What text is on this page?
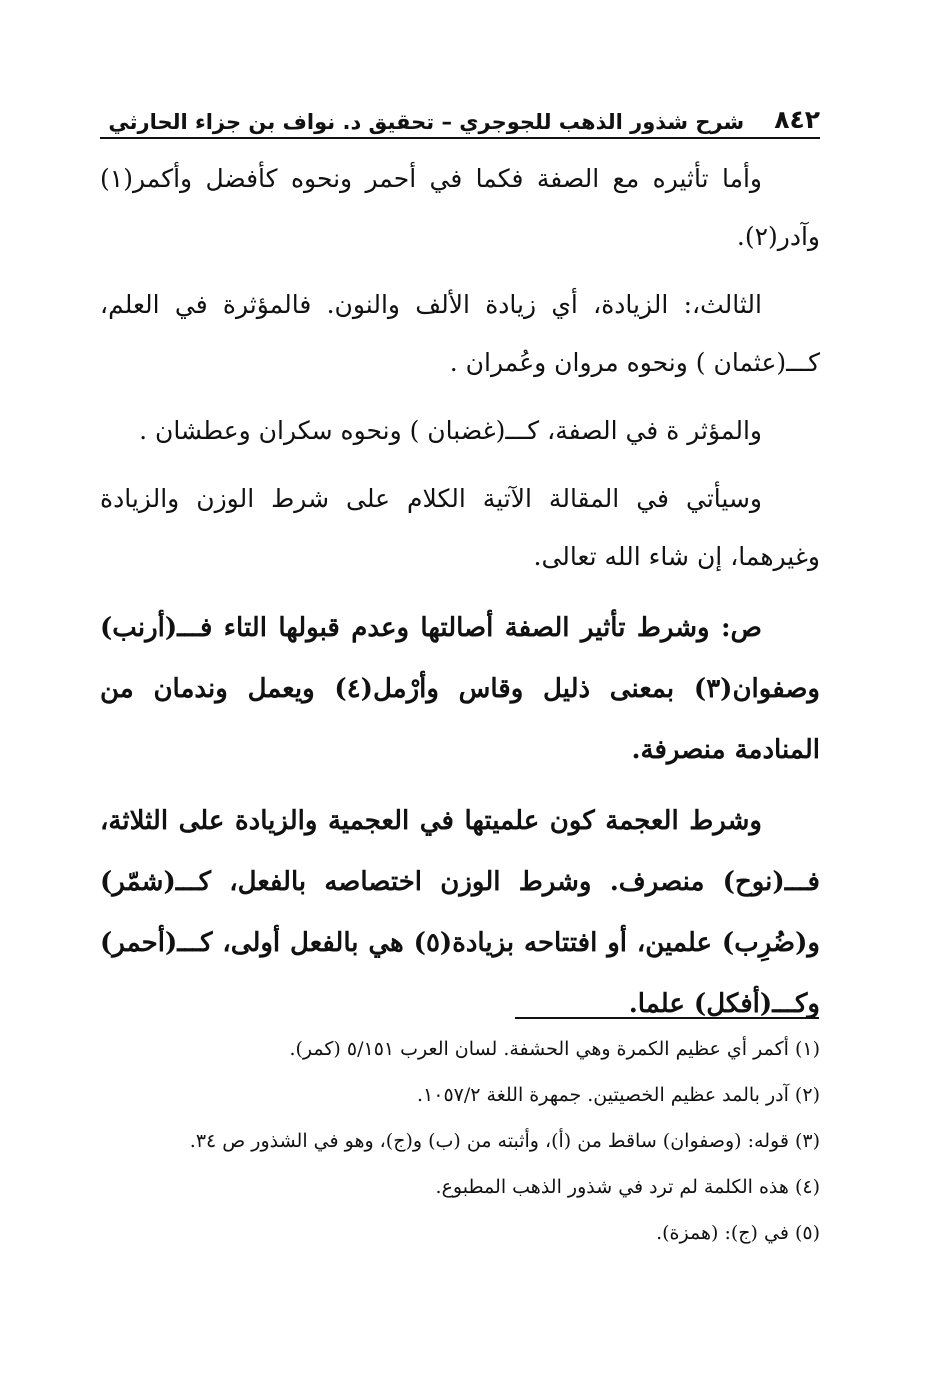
٨٤٢
شرح شذور الذهب للجوجري – تحقيق د. نواف بن جزاء الحارثي

وأما تأثيره مع الصفة فكما في أحمر ونحوه كأفضل وأكمر(١) وآدر(٢).

الثالث،: الزيادة، أي زيادة الألف والنون. فالمؤثرة في العلم، كـــ(عثمان ) ونحوه مروان وعُمران .

والمؤثر ة في الصفة، كـــ(غضبان ) ونحوه سكران وعطشان .

وسيأتي في المقالة الآتية الكلام على شرط الوزن والزيادة وغيرهما، إن شاء الله تعالى.

ص: وشرط تأثير الصفة أصالتها وعدم قبولها التاء فـــ(أرنب) وصفوان(٣) بمعنى ذليل وقاس وأرْمل(٤) ويعمل وندمان من المنادمة منصرفة.

وشرط العجمة كون علميتها في العجمية والزيادة على الثلاثة، فـــ(نوح) منصرف. وشرط الوزن اختصاصه بالفعل، كـــ(شمّر) و(ضُرِب) علمين، أو افتتاحه بزيادة(٥) هي بالفعل أولى، كـــ(أحمر) وكـــ(أفكل) علما.

(١) أكمر أي عظيم الكمرة وهي الحشفة. لسان العرب ٥/١٥١ (كمر).

(٢) آدر بالمد عظيم الخصيتين. جمهرة اللغة ١٠٥٧/٢.

(٣) قوله: (وصفوان) ساقط من (أ)، وأثبته من (ب) و(ج)، وهو في الشذور ص ٣٤.

(٤) هذه الكلمة لم ترد في شذور الذهب المطبوع.

(٥) في (ج): (همزة).
